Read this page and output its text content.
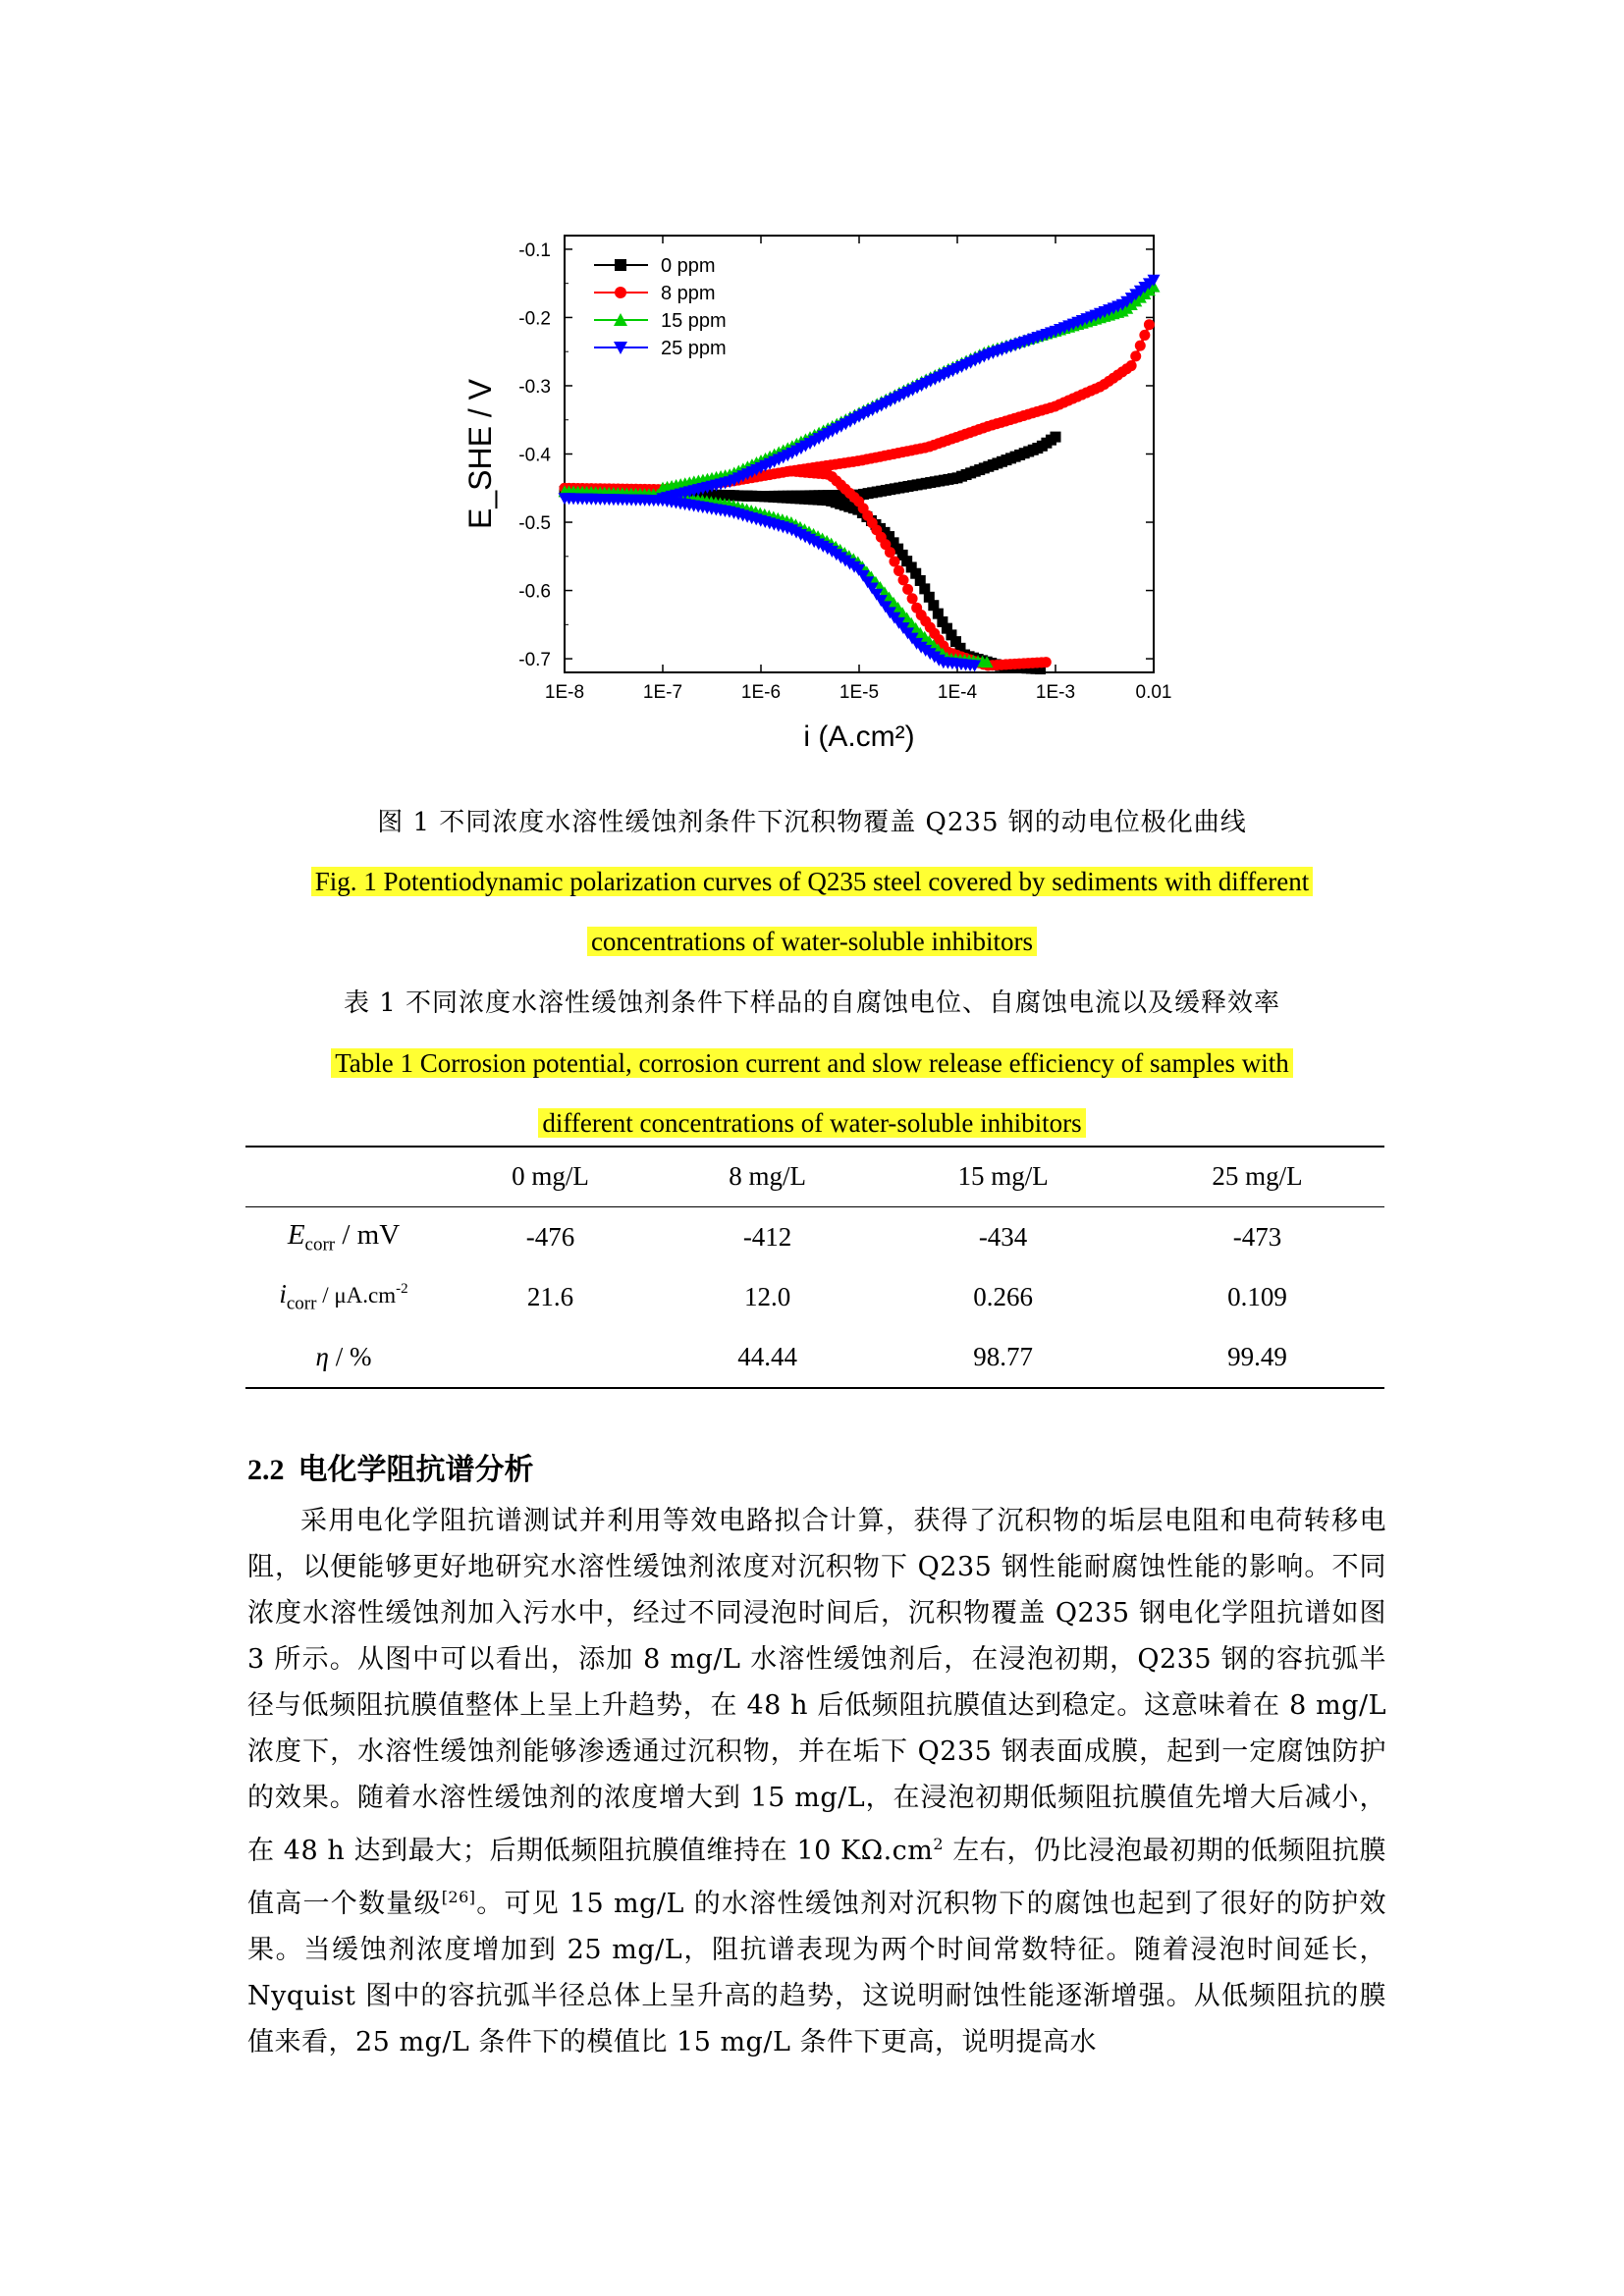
1E-8	1E-7	1E-6	1E-5	1E-4	1E-3	0.01
-0.1
-0.2
-0.3
-0.4
-0.5
-0.6
-0.7
i (A.cm²)
E_SHE / V
0 ppm
8 ppm
15 ppm
25 ppm
图 1 不同浓度水溶性缓蚀剂条件下沉积物覆盖 Q235 钢的动电位极化曲线
Fig. 1 Potentiodynamic polarization curves of Q235 steel covered by sediments with different
concentrations of water-soluble inhibitors
表 1 不同浓度水溶性缓蚀剂条件下样品的自腐蚀电位、自腐蚀电流以及缓释效率
Table 1 Corrosion potential, corrosion current and slow release efficiency of samples with
different concentrations of water-soluble inhibitors
	0 mg/L	8 mg/L	15 mg/L	25 mg/L
$E_{corr}$ / mV	-476	-412	-434	-473
$i_{corr} / \mu A.cm^{-2}$	21.6	12.0	0.266	0.109
η / %		44.44	98.77	99.49
2.2 电化学阻抗谱分析

采用电化学阻抗谱测试并利用等效电路拟合计算，获得了沉积物的垢层电阻和电荷转移电阻，以便能够更好地研究水溶性缓蚀剂浓度对沉积物下 Q235 钢性能耐腐蚀性能的影响。不同浓度水溶性缓蚀剂加入污水中，经过不同浸泡时间后，沉积物覆盖 Q235 钢电化学阻抗谱如图 3 所示。从图中可以看出，添加 8 mg/L 水溶性缓蚀剂后，在浸泡初期，Q235 钢的容抗弧半径与低频阻抗膜值整体上呈上升趋势，在 48 h 后低频阻抗膜值达到稳定。这意味着在 8 mg/L 浓度下，水溶性缓蚀剂能够渗透通过沉积物，并在垢下 Q235 钢表面成膜，起到一定腐蚀防护的效果。随着水溶性缓蚀剂的浓度增大到 15 mg/L，在浸泡初期低频阻抗膜值先增大后减小，在 48 h 达到最大；后期低频阻抗膜值维持在 10 $K\Omega.cm^2$ 左右，仍比浸泡最初期的低频阻抗膜值高一个数量级[26]。可见 15 mg/L 的水溶性缓蚀剂对沉积物下的腐蚀也起到了很好的防护效果。当缓蚀剂浓度增加到 25 mg/L，阻抗谱表现为两个时间常数特征。随着浸泡时间延长，Nyquist 图中的容抗弧半径总体上呈升高的趋势，这说明耐蚀性能逐渐增强。从低频阻抗的膜值来看，25 mg/L 条件下的模值比 15 mg/L 条件下更高，说明提高水
